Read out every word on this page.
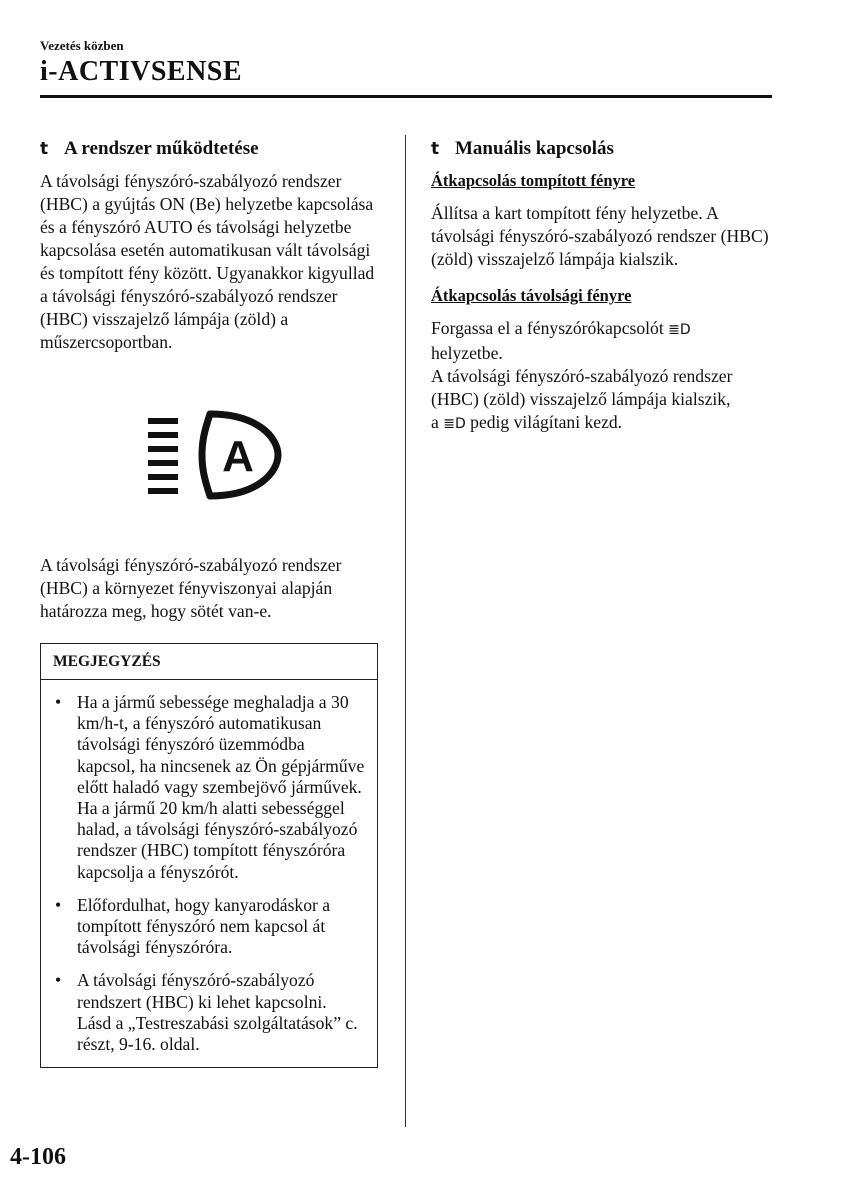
Vezetés közben
i-ACTIVSENSE
t A rendszer működtetése

A távolsági fényszóró-szabályozó rendszer (HBC) a gyújtás ON (Be) helyzetbe kapcsolása és a fényszóró AUTO és távolsági helyzetbe kapcsolása esetén automatikusan vált távolsági és tompított fény között. Ugyanakkor kigyullad a távolsági fényszóró-szabályozó rendszer (HBC) visszajelző lámpája (zöld) a műszercsoportban.

A

A távolsági fényszóró-szabályozó rendszer (HBC) a környezet fényviszonyai alapján határozza meg, hogy sötét van-e.

MEGJEGYZÉS
• Ha a jármű sebessége meghaladja a 30 km/h-t, a fényszóró automatikusan távolsági fényszóró üzemmódba kapcsol, ha nincsenek az Ön gépjárműve előtt haladó vagy szembejövő járművek.

Ha a jármű 20 km/h alatti sebességgel halad, a távolsági fényszóró-szabályozó rendszer (HBC) tompított fényszóróra kapcsolja a fényszórót.

• Előfordulhat, hogy kanyarodáskor a tompított fényszóró nem kapcsol át távolsági fényszóróra.

• A távolsági fényszóró-szabályozó rendszert (HBC) ki lehet kapcsolni. Lásd a „Testreszabási szolgáltatások” c. részt, 9-16. oldal.

t Manuális kapcsolás
Átkapcsolás tompított fényre

Állítsa a kart tompított fény helyzetbe. A távolsági fényszóró-szabályozó rendszer (HBC) (zöld) visszajelző lámpája kialszik.

Átkapcsolás távolsági fényre

Forgassa el a fényszórókapcsolót ≣D
helyzetbe.
A távolsági fényszóró-szabályozó rendszer (HBC) (zöld) visszajelző lámpája kialszik,
a ≣D pedig világítani kezd.

4-106
